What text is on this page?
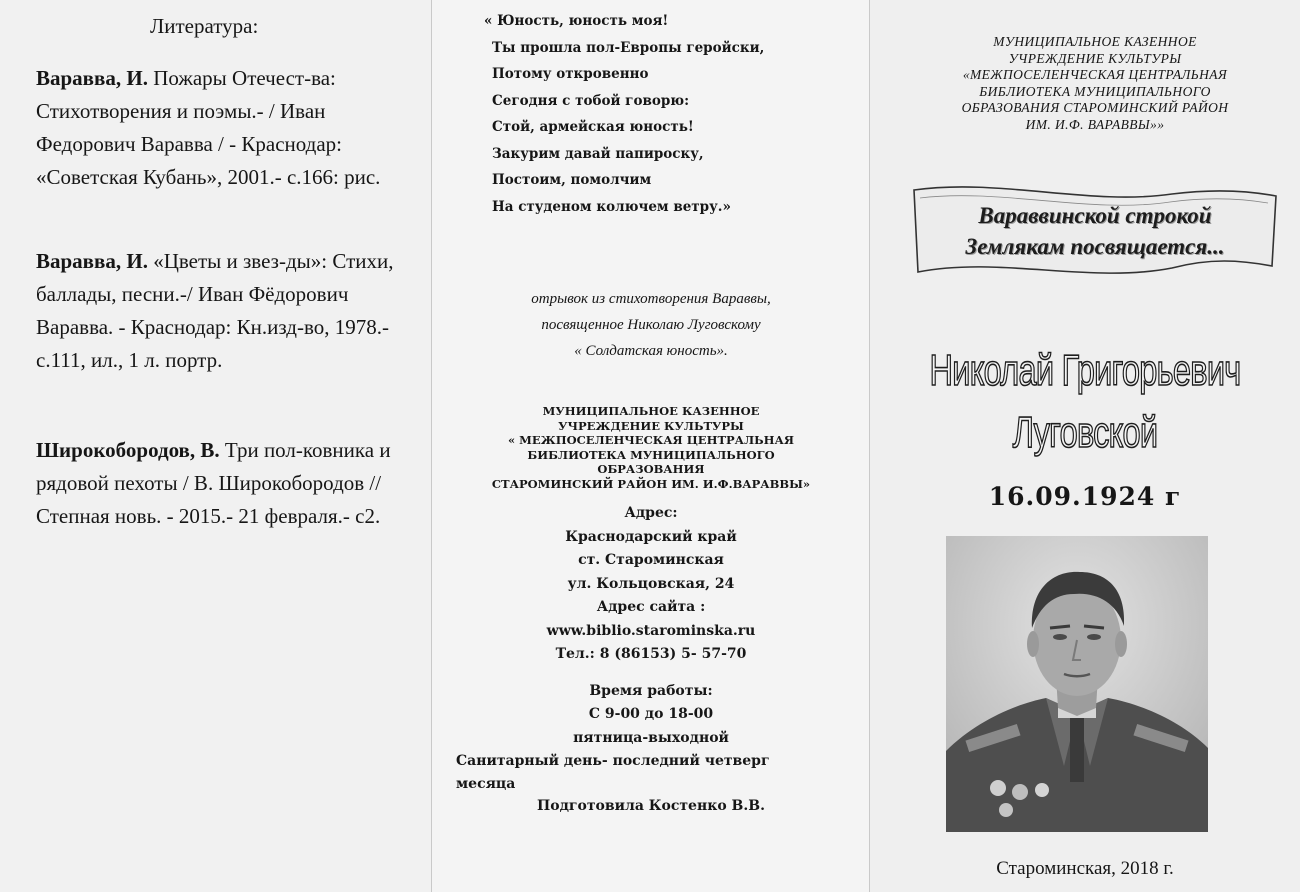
Литература:
Варавва, И. Пожары Отечест-ва: Стихотворения и поэмы.- / Иван Федорович Варавва / - Краснодар: «Советская Кубань», 2001.- с.166: рис.
Варавва, И. «Цветы и звез-ды»: Стихи, баллады, песни.-/ Иван Фёдорович Варавва. - Краснодар: Кн.изд-во, 1978.- с.111, ил., 1 л. портр.
Широкобородов, В. Три пол-ковника и рядовой пехоты / В. Широкобородов // Степная новь. - 2015.- 21 февраля.- с2.
« Юность, юность моя!
Ты прошла пол-Европы геройски,
Потому откровенно
Сегодня с тобой говорю:
Стой, армейская юность!
Закурим давай папироску,
Постоим, помолчим
На студеном колючем ветру.»
отрывок из стихотворения Вараввы,
посвященное Николаю Луговскому
« Солдатская юность».
МУНИЦИПАЛЬНОЕ КАЗЕННОЕ
УЧРЕЖДЕНИЕ КУЛЬТУРЫ
« МЕЖПОСЕЛЕНЧЕСКАЯ ЦЕНТРАЛЬНАЯ
БИБЛИОТЕКА МУНИЦИПАЛЬНОГО
ОБРАЗОВАНИЯ
СТАРОМИНСКИЙ РАЙОН ИМ. И.Ф.ВАРАВВЫ»
Адрес:
Краснодарский край
ст. Староминская
ул. Кольцовская, 24
Адрес сайта :
www.biblio.starominska.ru
Тел.: 8 (86153) 5- 57-70
Время работы:
С 9-00 до 18-00
пятница-выходной
Санитарный день- последний четверг месяца
Подготовила Костенко В.В.
МУНИЦИПАЛЬНОЕ КАЗЕННОЕ
УЧРЕЖДЕНИЕ КУЛЬТУРЫ
«МЕЖПОСЕЛЕНЧЕСКАЯ ЦЕНТРАЛЬНАЯ
БИБЛИОТЕКА МУНИЦИПАЛЬНОГО
ОБРАЗОВАНИЯ СТАРОМИНСКИЙ РАЙОН
ИМ. И.Ф. ВАРАВВЫ»»
Вараввинской строкой
Землякам посвящается...
Николай Григорьевич
Луговской
16.09.1924 г
Староминская, 2018 г.
